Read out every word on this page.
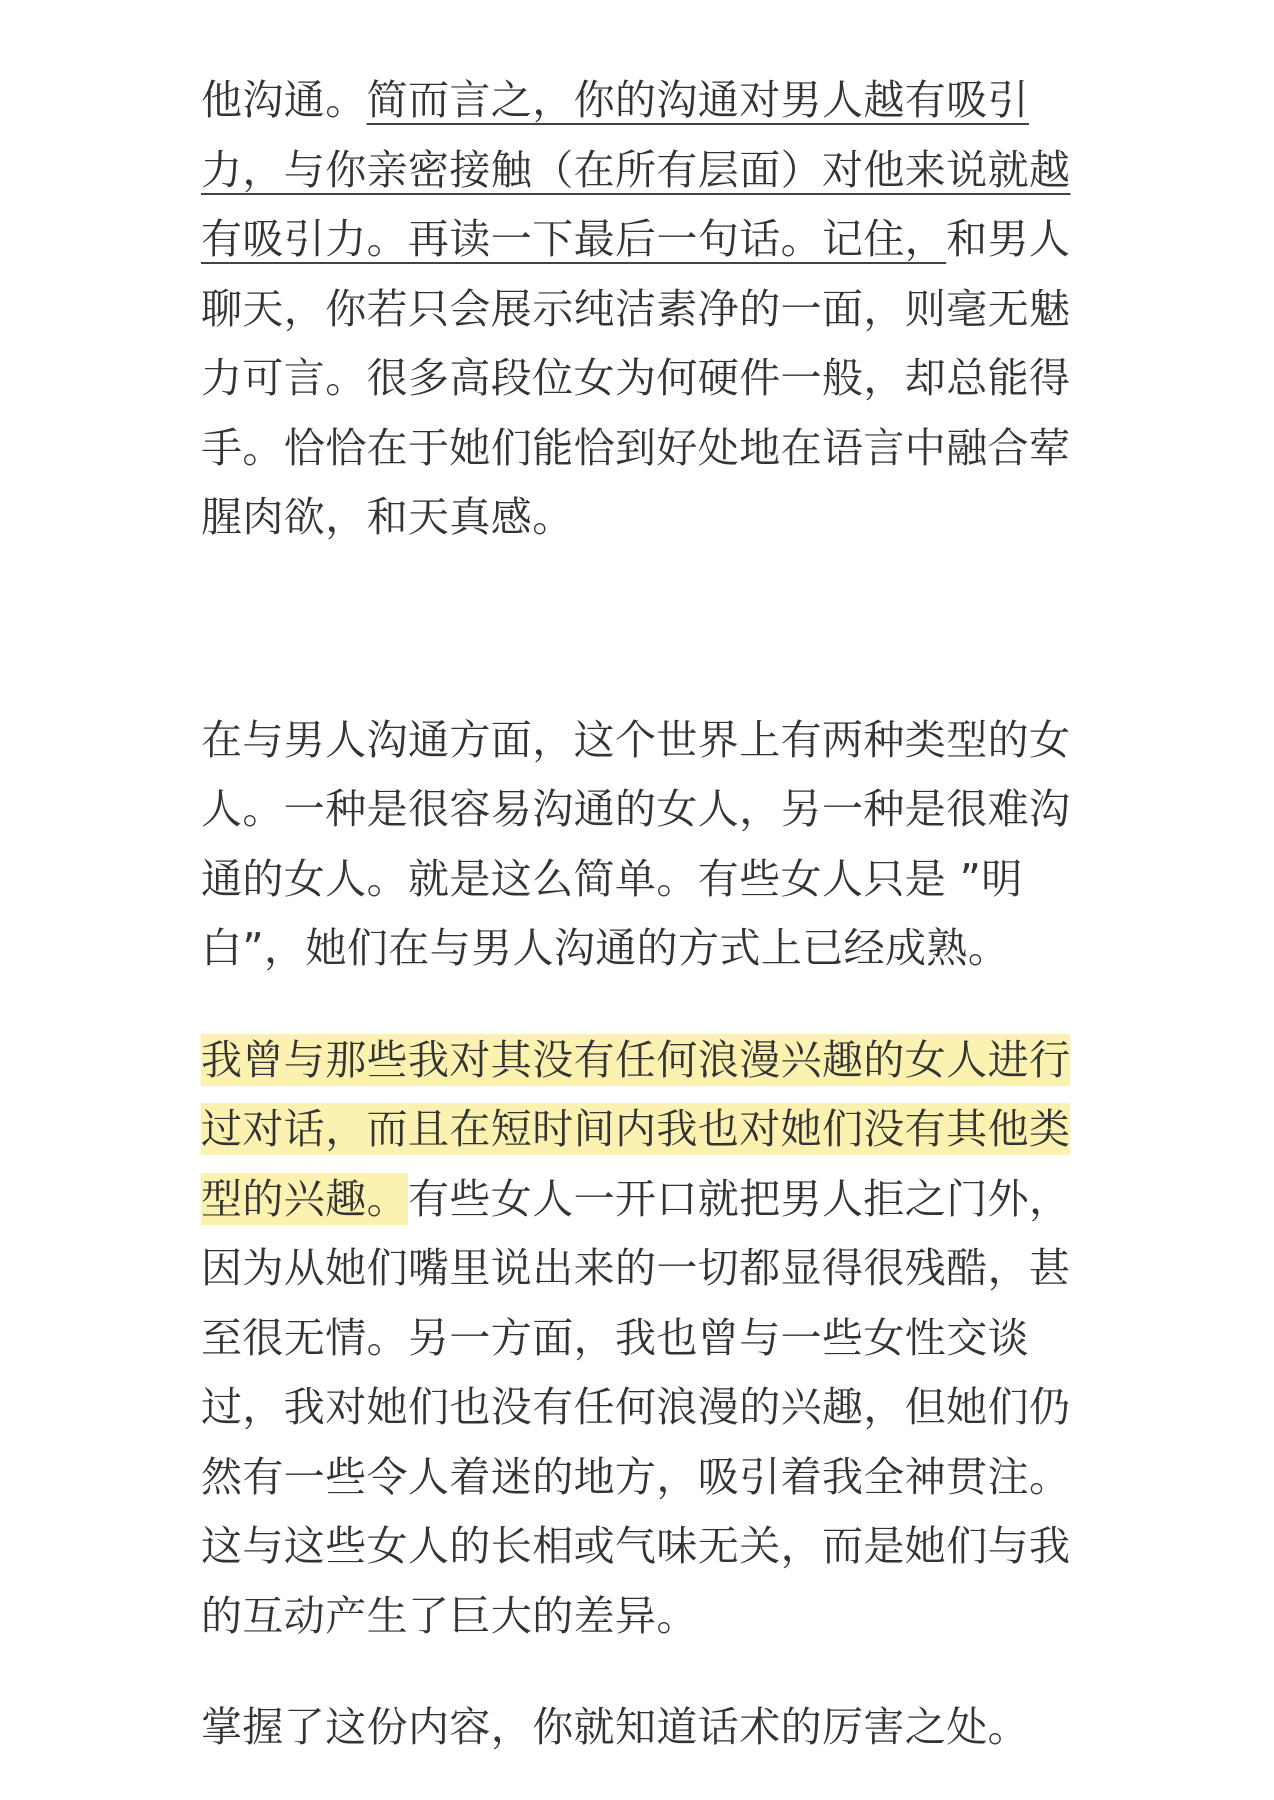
他沟通。简而言之，你的沟通对男人越有吸引力，与你亲密接触（在所有层面）对他来说就越有吸引力。再读一下最后一句话。记住，和男人聊天，你若只会展示纯洁素净的一面，则毫无魅力可言。很多高段位女为何硬件一般，却总能得手。恰恰在于她们能恰到好处地在语言中融合荤腥肉欲，和天真感。

在与男人沟通方面，这个世界上有两种类型的女人。一种是很容易沟通的女人，另一种是很难沟通的女人。就是这么简单。有些女人只是 ”明白”，她们在与男人沟通的方式上已经成熟。

我曾与那些我对其没有任何浪漫兴趣的女人进行过对话，而且在短时间内我也对她们没有其他类型的兴趣。有些女人一开口就把男人拒之门外，因为从她们嘴里说出来的一切都显得很残酷，甚至很无情。另一方面，我也曾与一些女性交谈过，我对她们也没有任何浪漫的兴趣，但她们仍然有一些令人着迷的地方，吸引着我全神贯注。这与这些女人的长相或气味无关，而是她们与我的互动产生了巨大的差异。

掌握了这份内容，你就知道话术的厉害之处。
